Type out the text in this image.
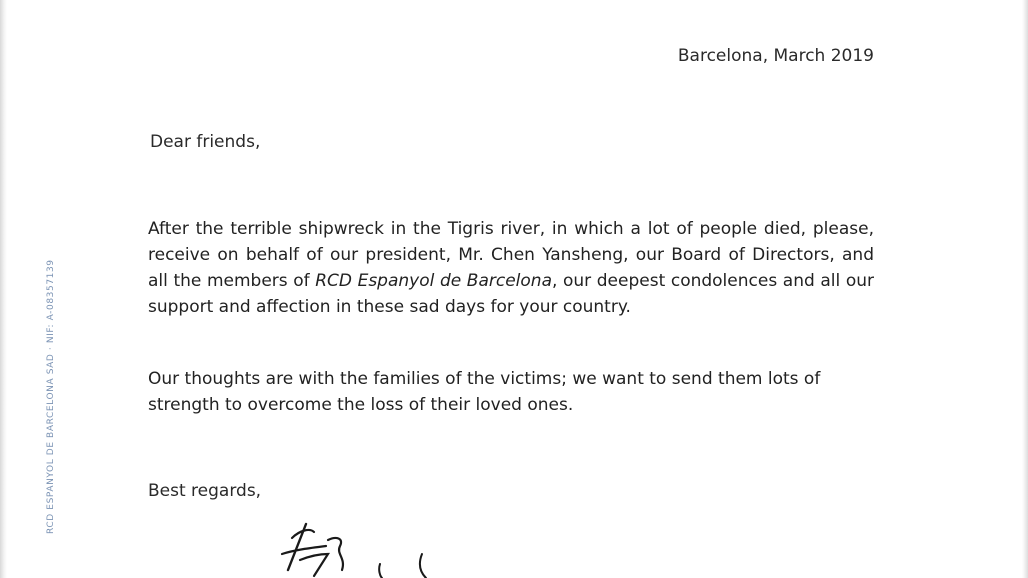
RCD ESPANYOL DE BARCELONA SAD · NIF: A-08357139
Barcelona, March 2019
Dear friends,

After the terrible shipwreck in the Tigris river, in which a lot of people died, please, receive on behalf of our president, Mr. Chen Yansheng, our Board of Directors, and all the members of RCD Espanyol de Barcelona, our deepest condolences and all our support and affection in these sad days for your country.

Our thoughts are with the families of the victims; we want to send them lots of strength to overcome the loss of their loved ones.

Best regards,
